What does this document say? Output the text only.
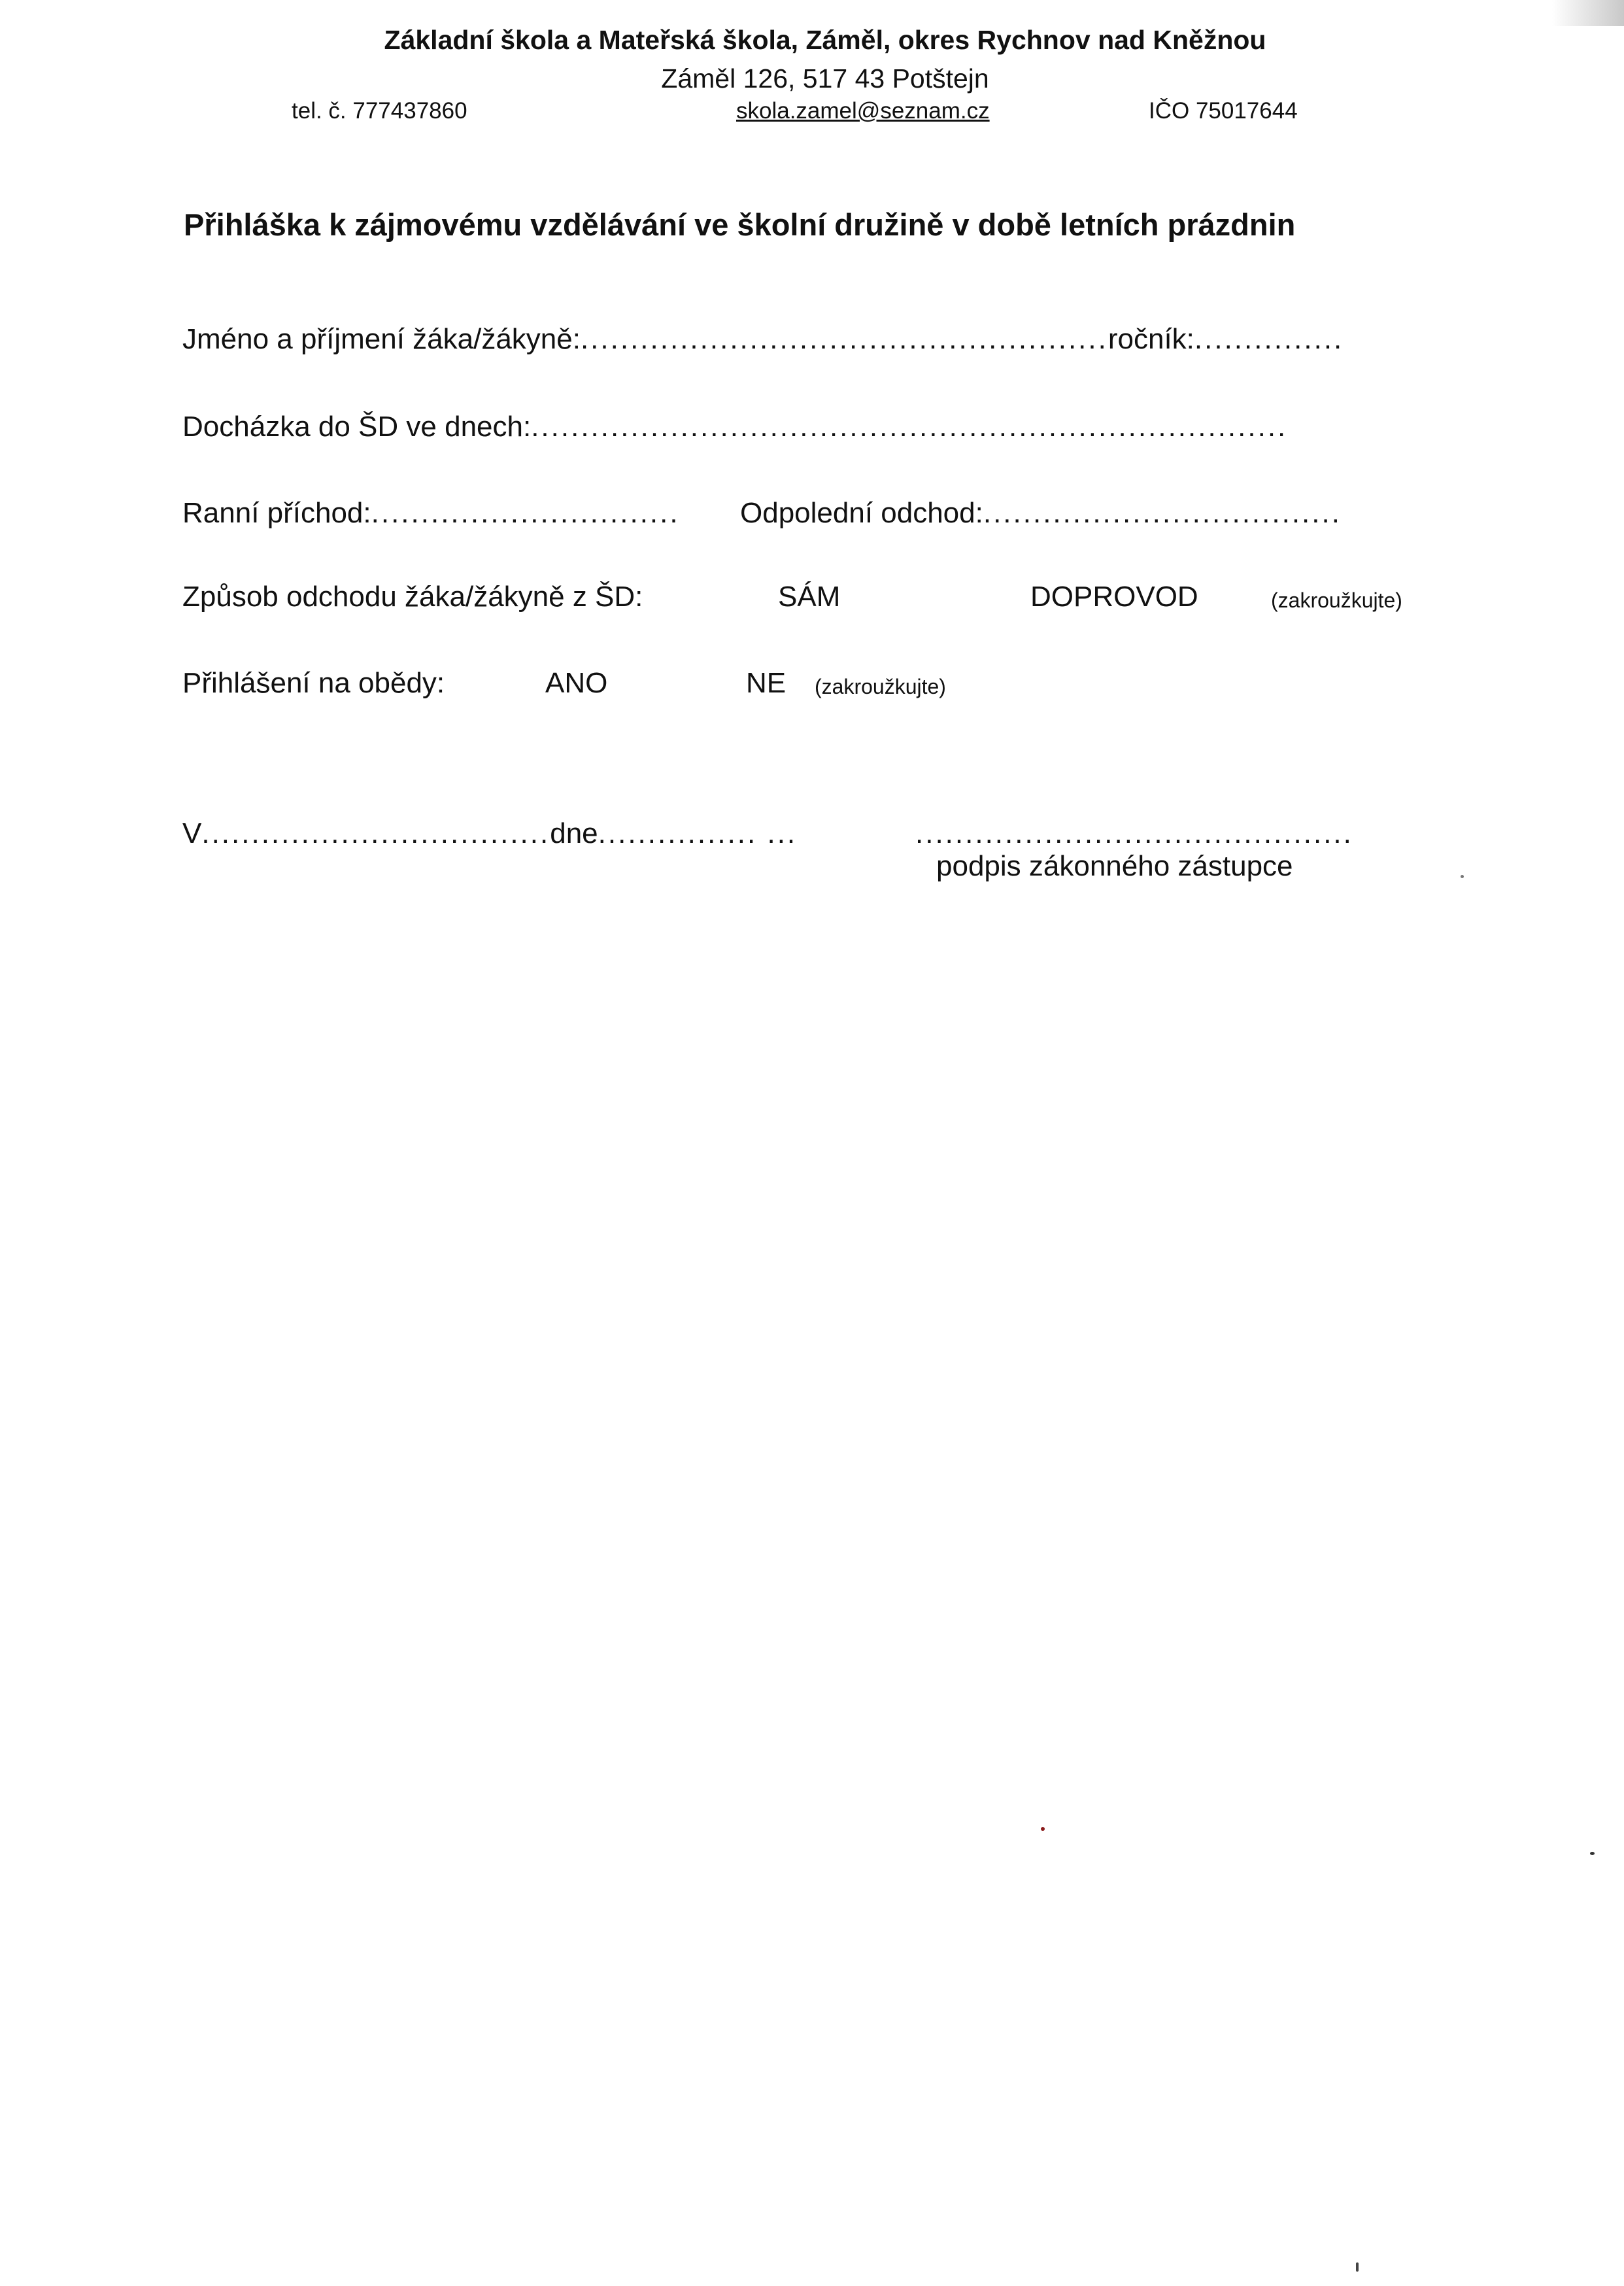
Základní škola a Mateřská škola, Záměl, okres Rychnov nad Kněžnou
Záměl 126, 517 43 Potštejn
tel. č. 777437860	skola.zamel@seznam.cz	IČO 75017644
Přihláška k zájmovému vzdělávání ve školní družině v době letních prázdnin
Jméno a příjmení žáka/žákyně:.....................................................ročník:...............
Docházka do ŠD ve dnech:............................................................................
Ranní příchod:............................... Odpolední odchod:....................................
Způsob odchodu žáka/žákyně z ŠD:	SÁM	DOPROVOD	(zakroužkujte)
Přihlášení na obědy:	ANO	NE (zakroužkujte)
V...................................dne................ ...	............................................
podpis zákonného zástupce
